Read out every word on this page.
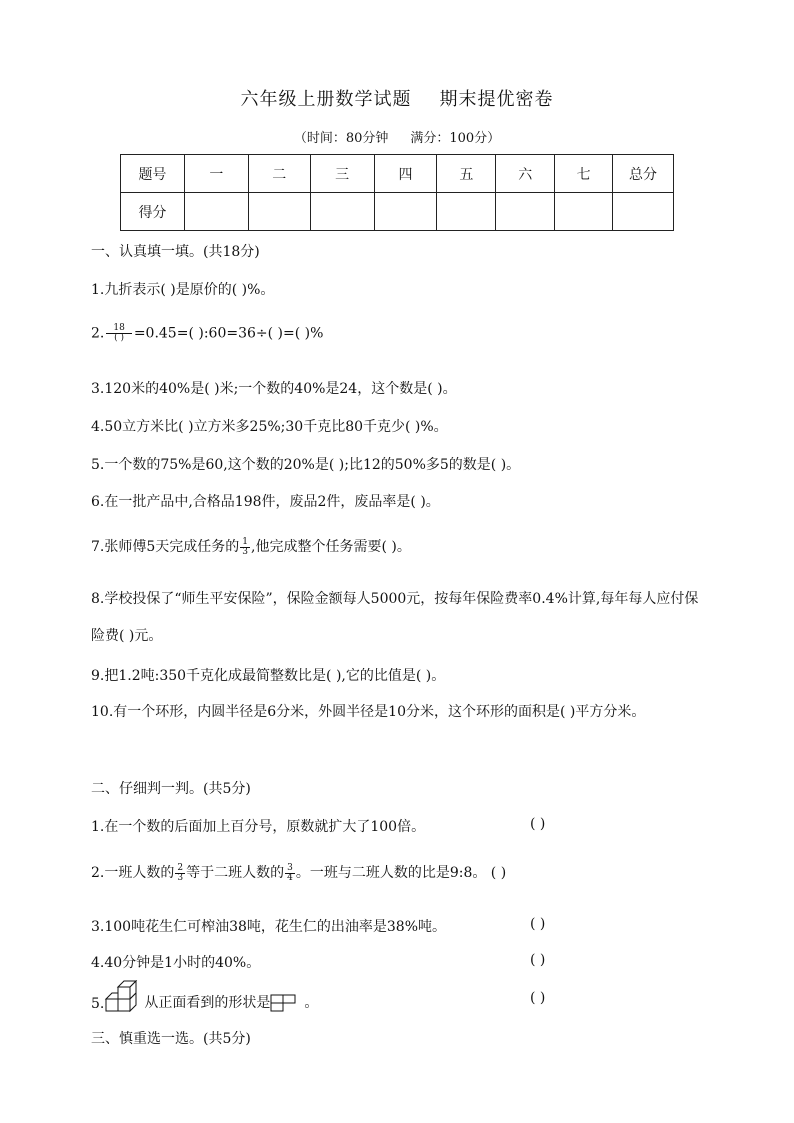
六年级上册数学试题 期末提优密卷
（时间：80分钟 满分：100分）
题号	一	二	三	四	五	六	七	总分
得分								
一、认真填一填。(共18分)
1.九折表示( )是原价的( )%。
2. $\frac{18}{( )} =0.45=$( ):60=36÷( )=( )%
3.120米的40%是( )米;一个数的40%是24，这个数是( )。
4.50立方米比( )立方米多25%;30千克比80千克少( )%。
5.一个数的75%是60,这个数的20%是( );比12的50%多5的数是( )。
6.在一批产品中,合格品198件，废品2件，废品率是( )。
7.张师傅5天完成任务的 $\frac{1}{3}$ ,他完成整个任务需要( )。
8.学校投保了“师生平安保险”，保险金额每人5000元，按每年保险费率0.4%计算,每年每人应付保险费( )元。
9.把1.2吨:350千克化成最简整数比是( ),它的比值是( )。
10.有一个环形，内圆半径是6分米，外圆半径是10分米，这个环形的面积是( )平方分米。
二、仔细判一判。(共5分)
1.在一个数的后面加上百分号，原数就扩大了100倍。	( )
2.一班人数的 $\frac{2}{3}$ 等于二班人数的 $\frac{3}{4}$ 。一班与二班人数的比是9:8。 ( )
3.100吨花生仁可榨油38吨，花生仁的出油率是38%吨。	( )
4.40分钟是1小时的40%。	( )
5.	从正面看到的形状是 。	( )
三、慎重选一选。(共5分)
